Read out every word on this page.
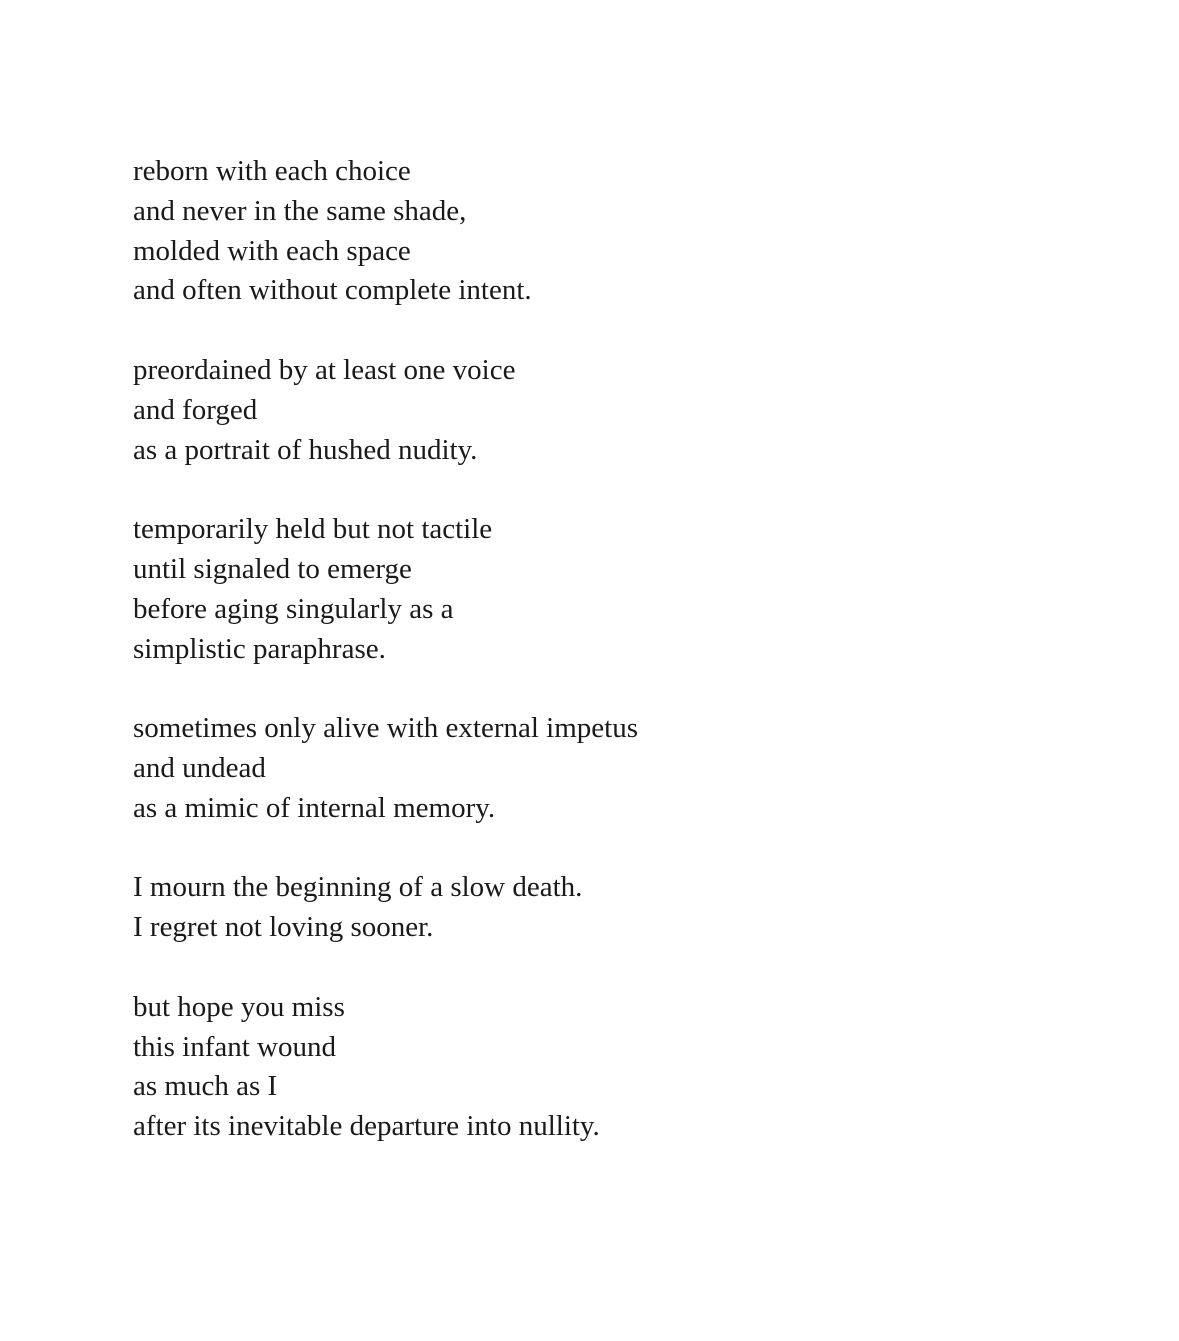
reborn with each choice
and never in the same shade,
molded with each space
and often without complete intent.
preordained by at least one voice
and forged
as a portrait of hushed nudity.
temporarily held but not tactile
until signaled to emerge
before aging singularly as a
simplistic paraphrase.
sometimes only alive with external impetus
and undead
as a mimic of internal memory.
I mourn the beginning of a slow death.
I regret not loving sooner.
but hope you miss
this infant wound
as much as I
after its inevitable departure into nullity.
